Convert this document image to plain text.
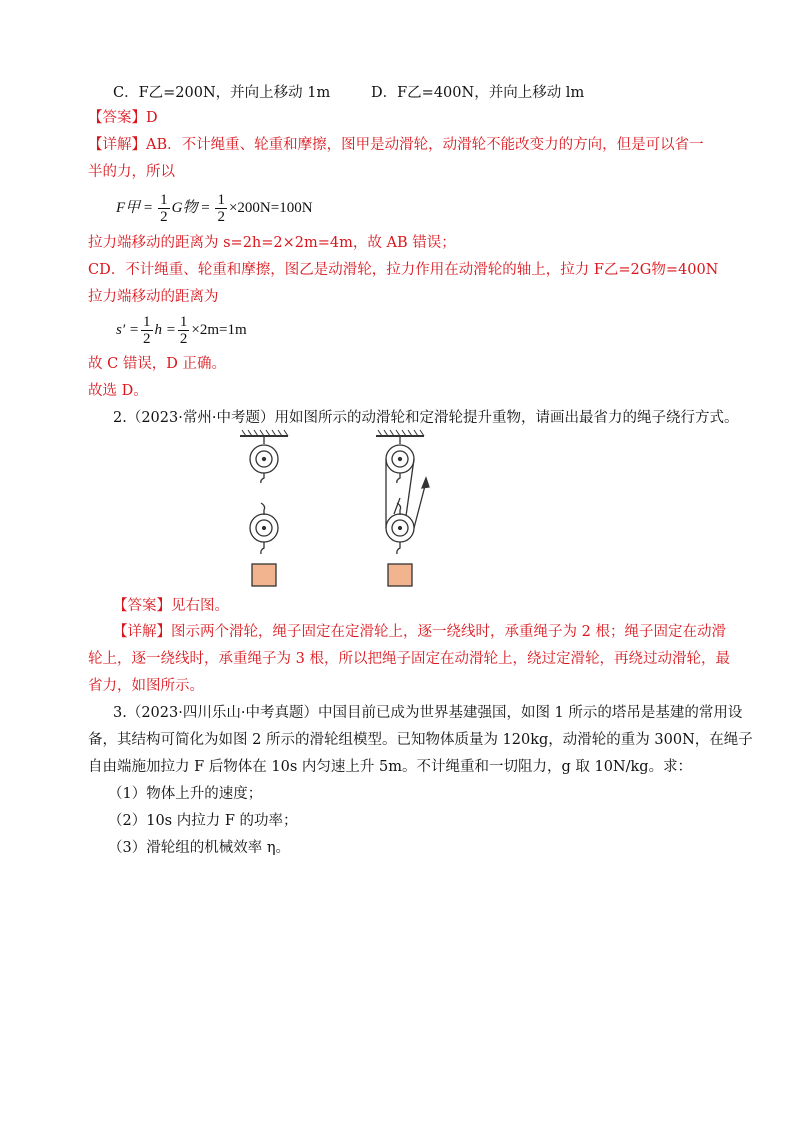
C．F乙=200N，并向上移动 1m	D．F乙=400N，并向上移动 lm
【答案】D
【详解】AB．不计绳重、轮重和摩擦，图甲是动滑轮，动滑轮不能改变力的方向，但是可以省一
半的力，所以
F甲 = $\frac{1}{2}$ G物 = $\frac{1}{2} \times 200N=100N$
拉力端移动的距离为 s=2h=2×2m=4m，故 AB 错误；
CD．不计绳重、轮重和摩擦，图乙是动滑轮，拉力作用在动滑轮的轴上，拉力 F乙=2G物=400N
拉力端移动的距离为
$s' = \frac{1}{2}$ $h = \frac{1}{2} \times 2m=1m$
故 C 错误，D 正确。
故选 D。
2.（2023·常州·中考题）用如图所示的动滑轮和定滑轮提升重物，请画出最省力的绳子绕行方式。
【答案】见右图。
【详解】图示两个滑轮，绳子固定在定滑轮上，逐一绕线时，承重绳子为 2 根；绳子固定在动滑
轮上，逐一绕线时，承重绳子为 3 根，所以把绳子固定在动滑轮上，绕过定滑轮，再绕过动滑轮，最
省力，如图所示。
3.（2023·四川乐山·中考真题）中国目前已成为世界基建强国，如图 1 所示的塔吊是基建的常用设
备，其结构可简化为如图 2 所示的滑轮组模型。已知物体质量为 120kg，动滑轮的重为 300N，在绳子
自由端施加拉力 F 后物体在 10s 内匀速上升 5m。不计绳重和一切阻力，g 取 10N/kg。求：
（1）物体上升的速度；
（2）10s 内拉力 F 的功率；
（3）滑轮组的机械效率 η。
